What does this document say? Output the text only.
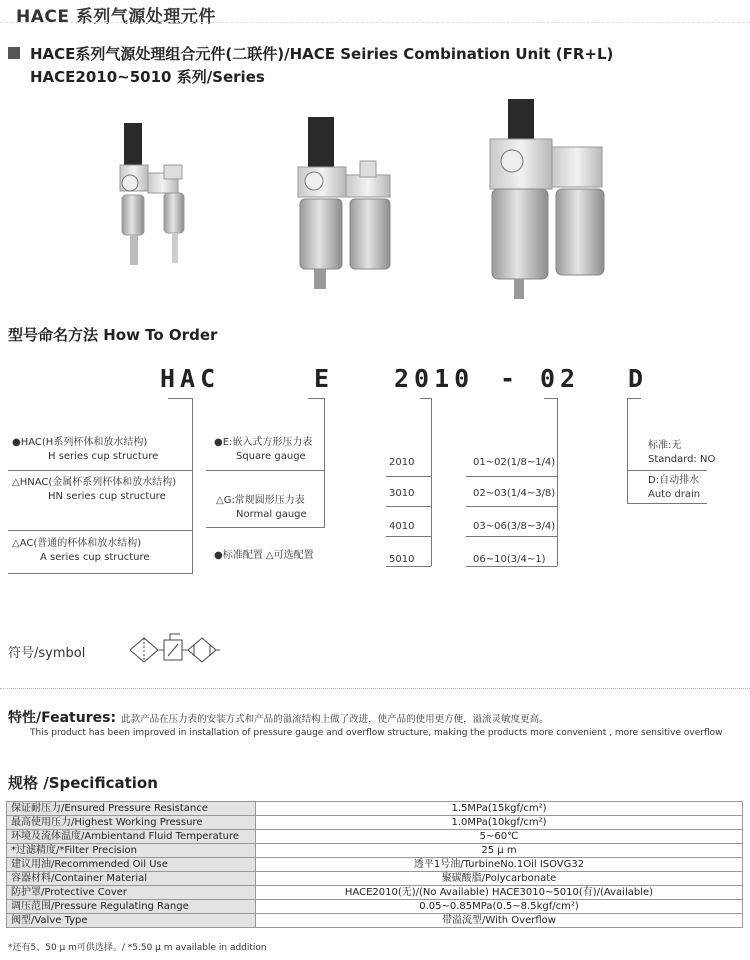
HACE 系列气源处理元件
HACE系列气源处理组合元件(二联件)/HACE Seiries Combination Unit (FR+L)
HACE2010~5010 系列/Series
型号命名方法 How To Order
HAC	E 2010 - 02 D
●HAC(H系列杯体和放水结构)
H series cup structure
△HNAC(金属杯系列杯体和放水结构)
HN series cup structure
△AC(普通的杯体和放水结构)
A series cup structure
●E:嵌入式方形压力表
Square gauge
△G:常规圆形压力表
Normal gauge
●标准配置 △可选配置
2010
3010
4010
5010
01~02(1/8~1/4)
02~03(1/4~3/8)
03~06(3/8~3/4)
06~10(3/4~1)
标准:无
Standard: NO
D:自动排水
Auto drain
符号/symbol
特性/Features: 此款产品在压力表的安装方式和产品的溢流结构上做了改进，使产品的使用更方便，溢流灵敏度更高。
This product has been improved in installation of pressure gauge and overflow structure, making the products more convenient , more sensitive overflow
规格 /Specification
保证耐压力/Ensured Pressure Resistance	1.5MPa(15kgf/cm²)
最高使用压力/Highest Working Pressure	1.0MPa(10kgf/cm²)
环境及流体温度/Ambientand Fluid Temperature	5~60℃
*过滤精度/*Filter Precision	25 μ m
建议用油/Recommended Oil Use	透平1号油/TurbineNo.1Oil ISOVG32
容器材料/Container Material	聚碳酸脂/Polycarbonate
防护罩/Protective Cover	HACE2010(无)/(No Available) HACE3010~5010(有)/(Available)
调压范围/Pressure Regulating Range	0.05~0.85MPa(0.5~8.5kgf/cm²)
阀型/Valve Type	带溢流型/With Overflow
*还有5、50 μ m可供选择。/ *5.50 μ m available in addition
